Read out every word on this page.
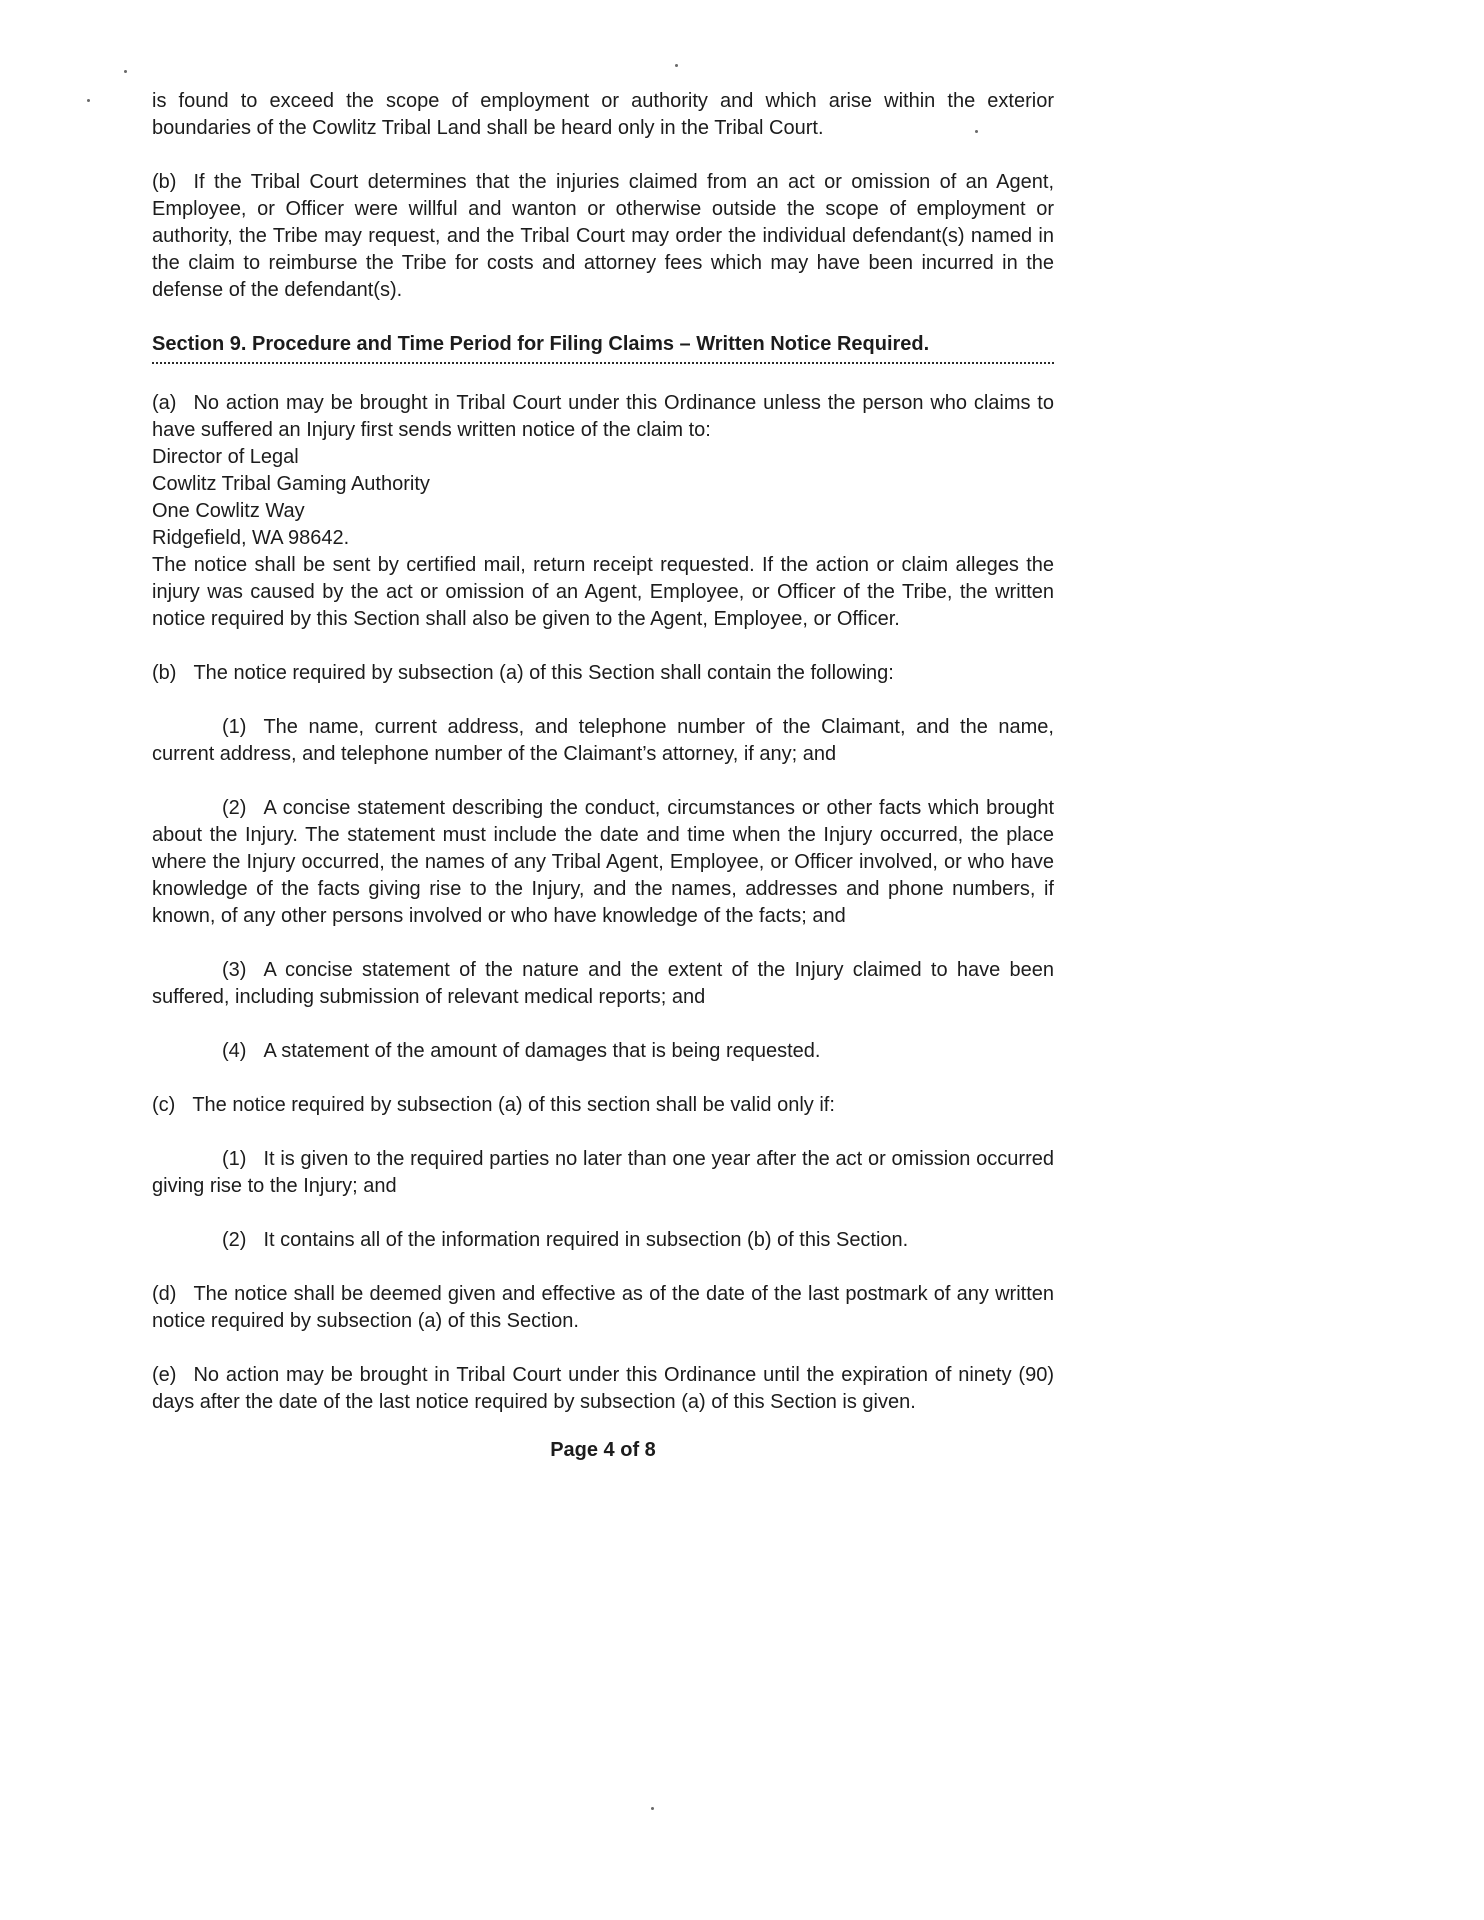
is found to exceed the scope of employment or authority and which arise within the exterior boundaries of the Cowlitz Tribal Land shall be heard only in the Tribal Court.

(b) If the Tribal Court determines that the injuries claimed from an act or omission of an Agent, Employee, or Officer were willful and wanton or otherwise outside the scope of employment or authority, the Tribe may request, and the Tribal Court may order the individual defendant(s) named in the claim to reimburse the Tribe for costs and attorney fees which may have been incurred in the defense of the defendant(s).

Section 9. Procedure and Time Period for Filing Claims – Written Notice Required.

(a) No action may be brought in Tribal Court under this Ordinance unless the person who claims to have suffered an Injury first sends written notice of the claim to:

Director of Legal
Cowlitz Tribal Gaming Authority
One Cowlitz Way
Ridgefield, WA 98642.

The notice shall be sent by certified mail, return receipt requested. If the action or claim alleges the injury was caused by the act or omission of an Agent, Employee, or Officer of the Tribe, the written notice required by this Section shall also be given to the Agent, Employee, or Officer.

(b) The notice required by subsection (a) of this Section shall contain the following:

(1) The name, current address, and telephone number of the Claimant, and the name, current address, and telephone number of the Claimant’s attorney, if any; and

(2) A concise statement describing the conduct, circumstances or other facts which brought about the Injury. The statement must include the date and time when the Injury occurred, the place where the Injury occurred, the names of any Tribal Agent, Employee, or Officer involved, or who have knowledge of the facts giving rise to the Injury, and the names, addresses and phone numbers, if known, of any other persons involved or who have knowledge of the facts; and

(3) A concise statement of the nature and the extent of the Injury claimed to have been suffered, including submission of relevant medical reports; and

(4) A statement of the amount of damages that is being requested.

(c) The notice required by subsection (a) of this section shall be valid only if:

(1) It is given to the required parties no later than one year after the act or omission occurred giving rise to the Injury; and

(2) It contains all of the information required in subsection (b) of this Section.

(d) The notice shall be deemed given and effective as of the date of the last postmark of any written notice required by subsection (a) of this Section.

(e) No action may be brought in Tribal Court under this Ordinance until the expiration of ninety (90) days after the date of the last notice required by subsection (a) of this Section is given.

Page 4 of 8
